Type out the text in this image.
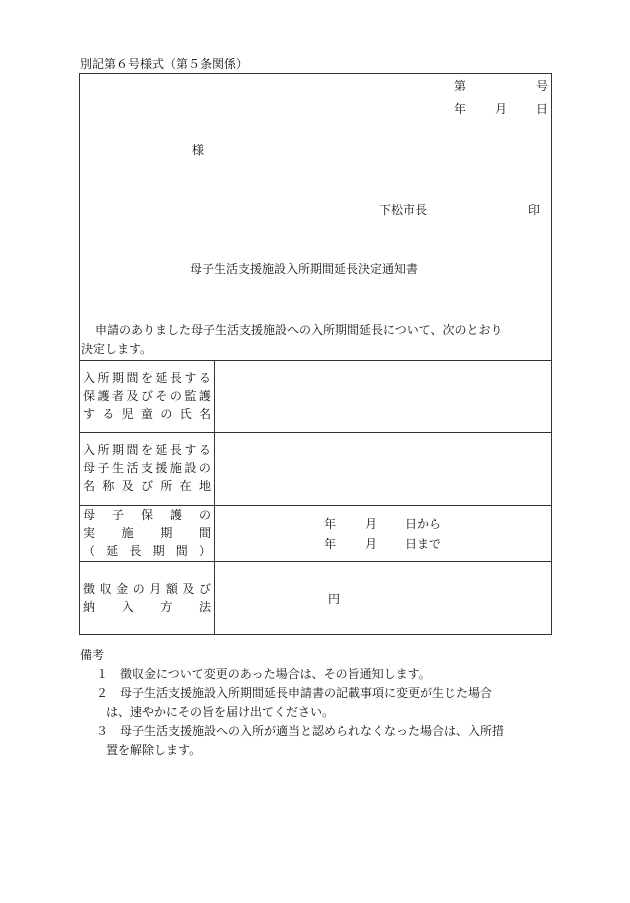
別記第６号様式（第５条関係）
第	号
年 月 日
様
下松市長	印
母子生活支援施設入所期間延長決定通知書
申請のありました母子生活支援施設への入所期間延長について、次のとおり
決定します。
入 所 期 間 を 延 長 す る
保 護 者 及 び そ の 監 護
す る 児 童 の 氏 名
入 所 期 間 を 延 長 す る
母 子 生 活 支 援 施 設 の
名 称 及 び 所 在 地
母 子 保 護 の
実 施 期 間
（ 延 長 期 間 ）
年 月 日から
年 月 日まで
徴 収 金 の 月 額 及 び
納 入 方 法
円
備考
１ 徴収金について変更のあった場合は、その旨通知します。
２ 母子生活支援施設入所期間延長申請書の記載事項に変更が生じた場合
は、速やかにその旨を届け出てください。
３ 母子生活支援施設への入所が適当と認められなくなった場合は、入所措
置を解除します。
